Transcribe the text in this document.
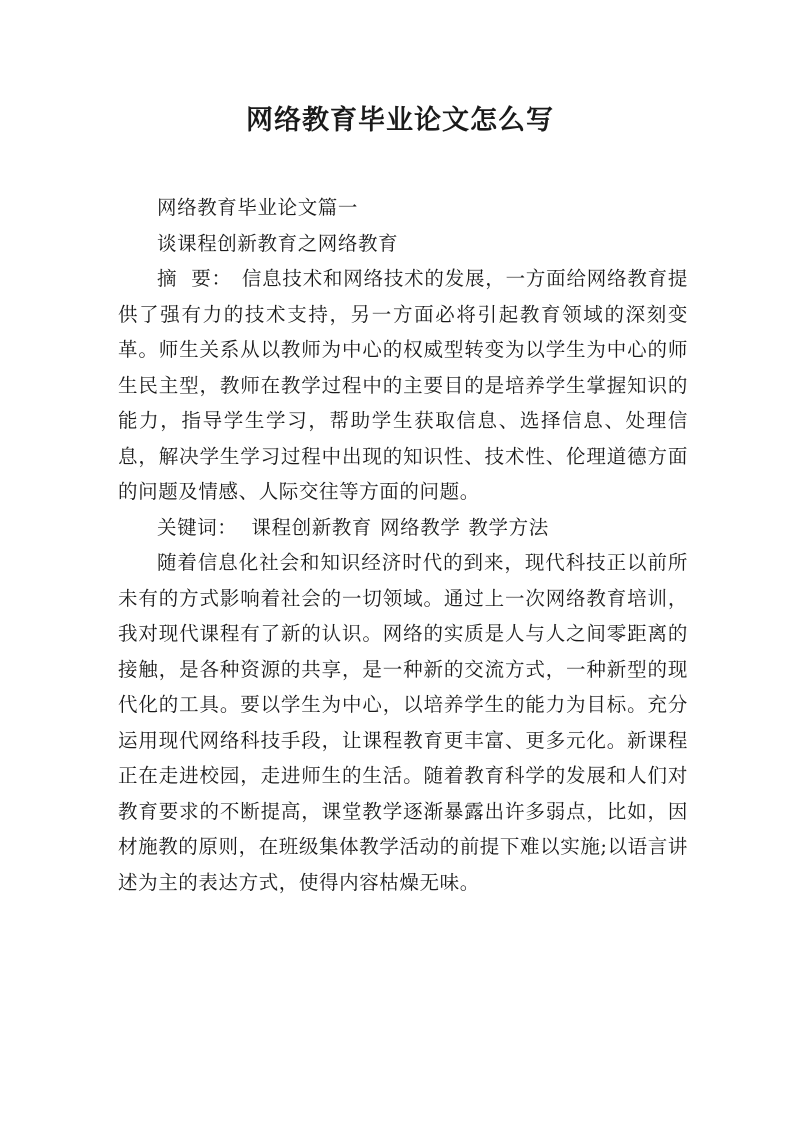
网络教育毕业论文怎么写

网络教育毕业论文篇一

谈课程创新教育之网络教育

摘  要： 信息技术和网络技术的发展，一方面给网络教育提供了强有力的技术支持，另一方面必将引起教育领域的深刻变革。师生关系从以教师为中心的权威型转变为以学生为中心的师生民主型，教师在教学过程中的主要目的是培养学生掌握知识的能力，指导学生学习，帮助学生获取信息、选择信息、处理信息，解决学生学习过程中出现的知识性、技术性、伦理道德方面的问题及情感、人际交往等方面的问题。

关键词： 课程创新教育 网络教学 教学方法

随着信息化社会和知识经济时代的到来，现代科技正以前所未有的方式影响着社会的一切领域。通过上一次网络教育培训，我对现代课程有了新的认识。网络的实质是人与人之间零距离的接触，是各种资源的共享，是一种新的交流方式，一种新型的现代化的工具。要以学生为中心，以培养学生的能力为目标。充分运用现代网络科技手段，让课程教育更丰富、更多元化。新课程正在走进校园，走进师生的生活。随着教育科学的发展和人们对教育要求的不断提高，课堂教学逐渐暴露出许多弱点，比如，因材施教的原则，在班级集体教学活动的前提下难以实施;以语言讲述为主的表达方式，使得内容枯燥无味。
